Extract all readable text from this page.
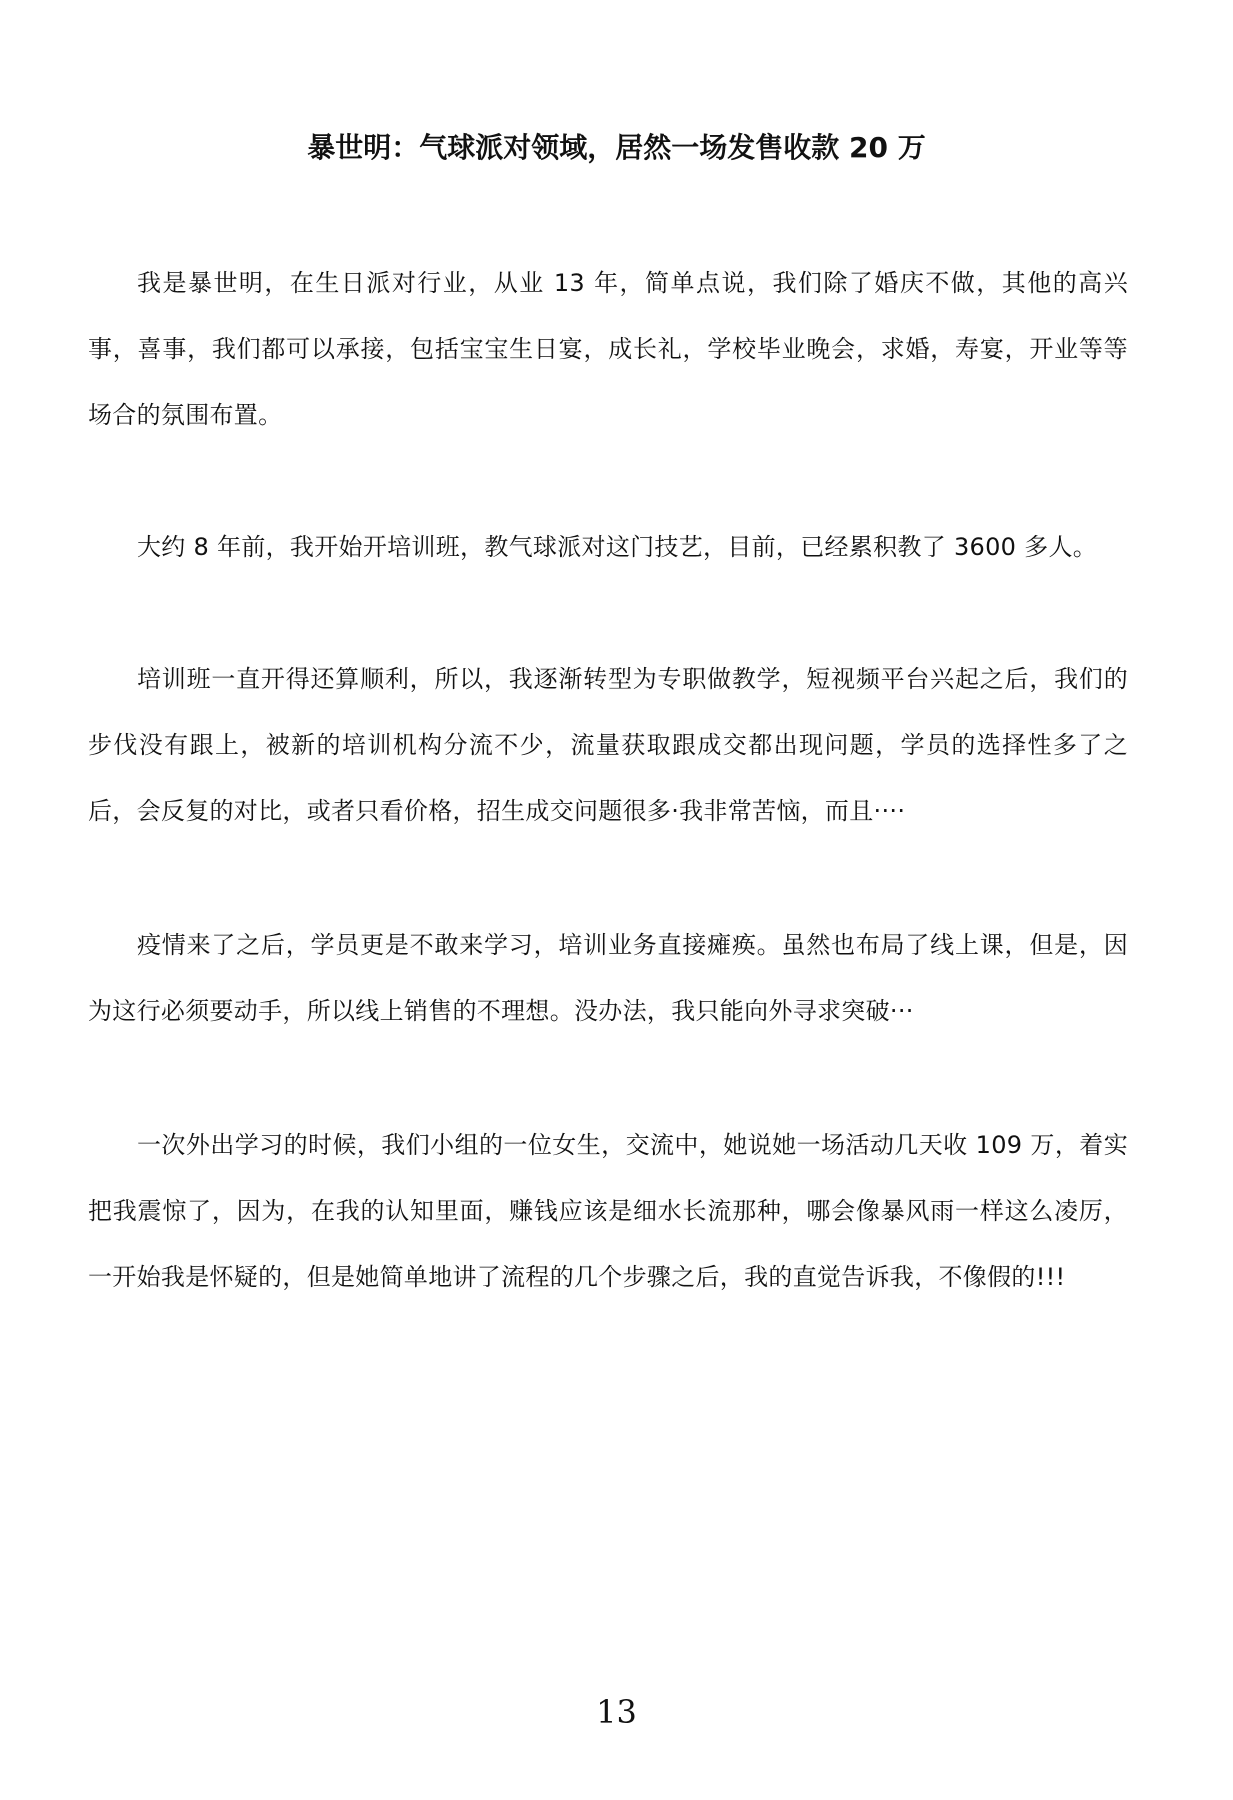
暴世明：气球派对领域，居然一场发售收款 20 万

我是暴世明，在生日派对行业，从业 13 年，简单点说，我们除了婚庆不做，其他的高兴事，喜事，我们都可以承接，包括宝宝生日宴，成长礼，学校毕业晚会，求婚，寿宴，开业等等场合的氛围布置。

大约 8 年前，我开始开培训班，教气球派对这门技艺，目前，已经累积教了 3600 多人。

培训班一直开得还算顺利，所以，我逐渐转型为专职做教学，短视频平台兴起之后，我们的步伐没有跟上，被新的培训机构分流不少，流量获取跟成交都出现问题，学员的选择性多了之后，会反复的对比，或者只看价格，招生成交问题很多·我非常苦恼，而且····

疫情来了之后，学员更是不敢来学习，培训业务直接瘫痪。虽然也布局了线上课，但是，因为这行必须要动手，所以线上销售的不理想。没办法，我只能向外寻求突破···

一次外出学习的时候，我们小组的一位女生，交流中，她说她一场活动几天收 109 万，着实把我震惊了，因为，在我的认知里面，赚钱应该是细水长流那种，哪会像暴风雨一样这么凌厉，一开始我是怀疑的，但是她简单地讲了流程的几个步骤之后，我的直觉告诉我，不像假的!!!

13
